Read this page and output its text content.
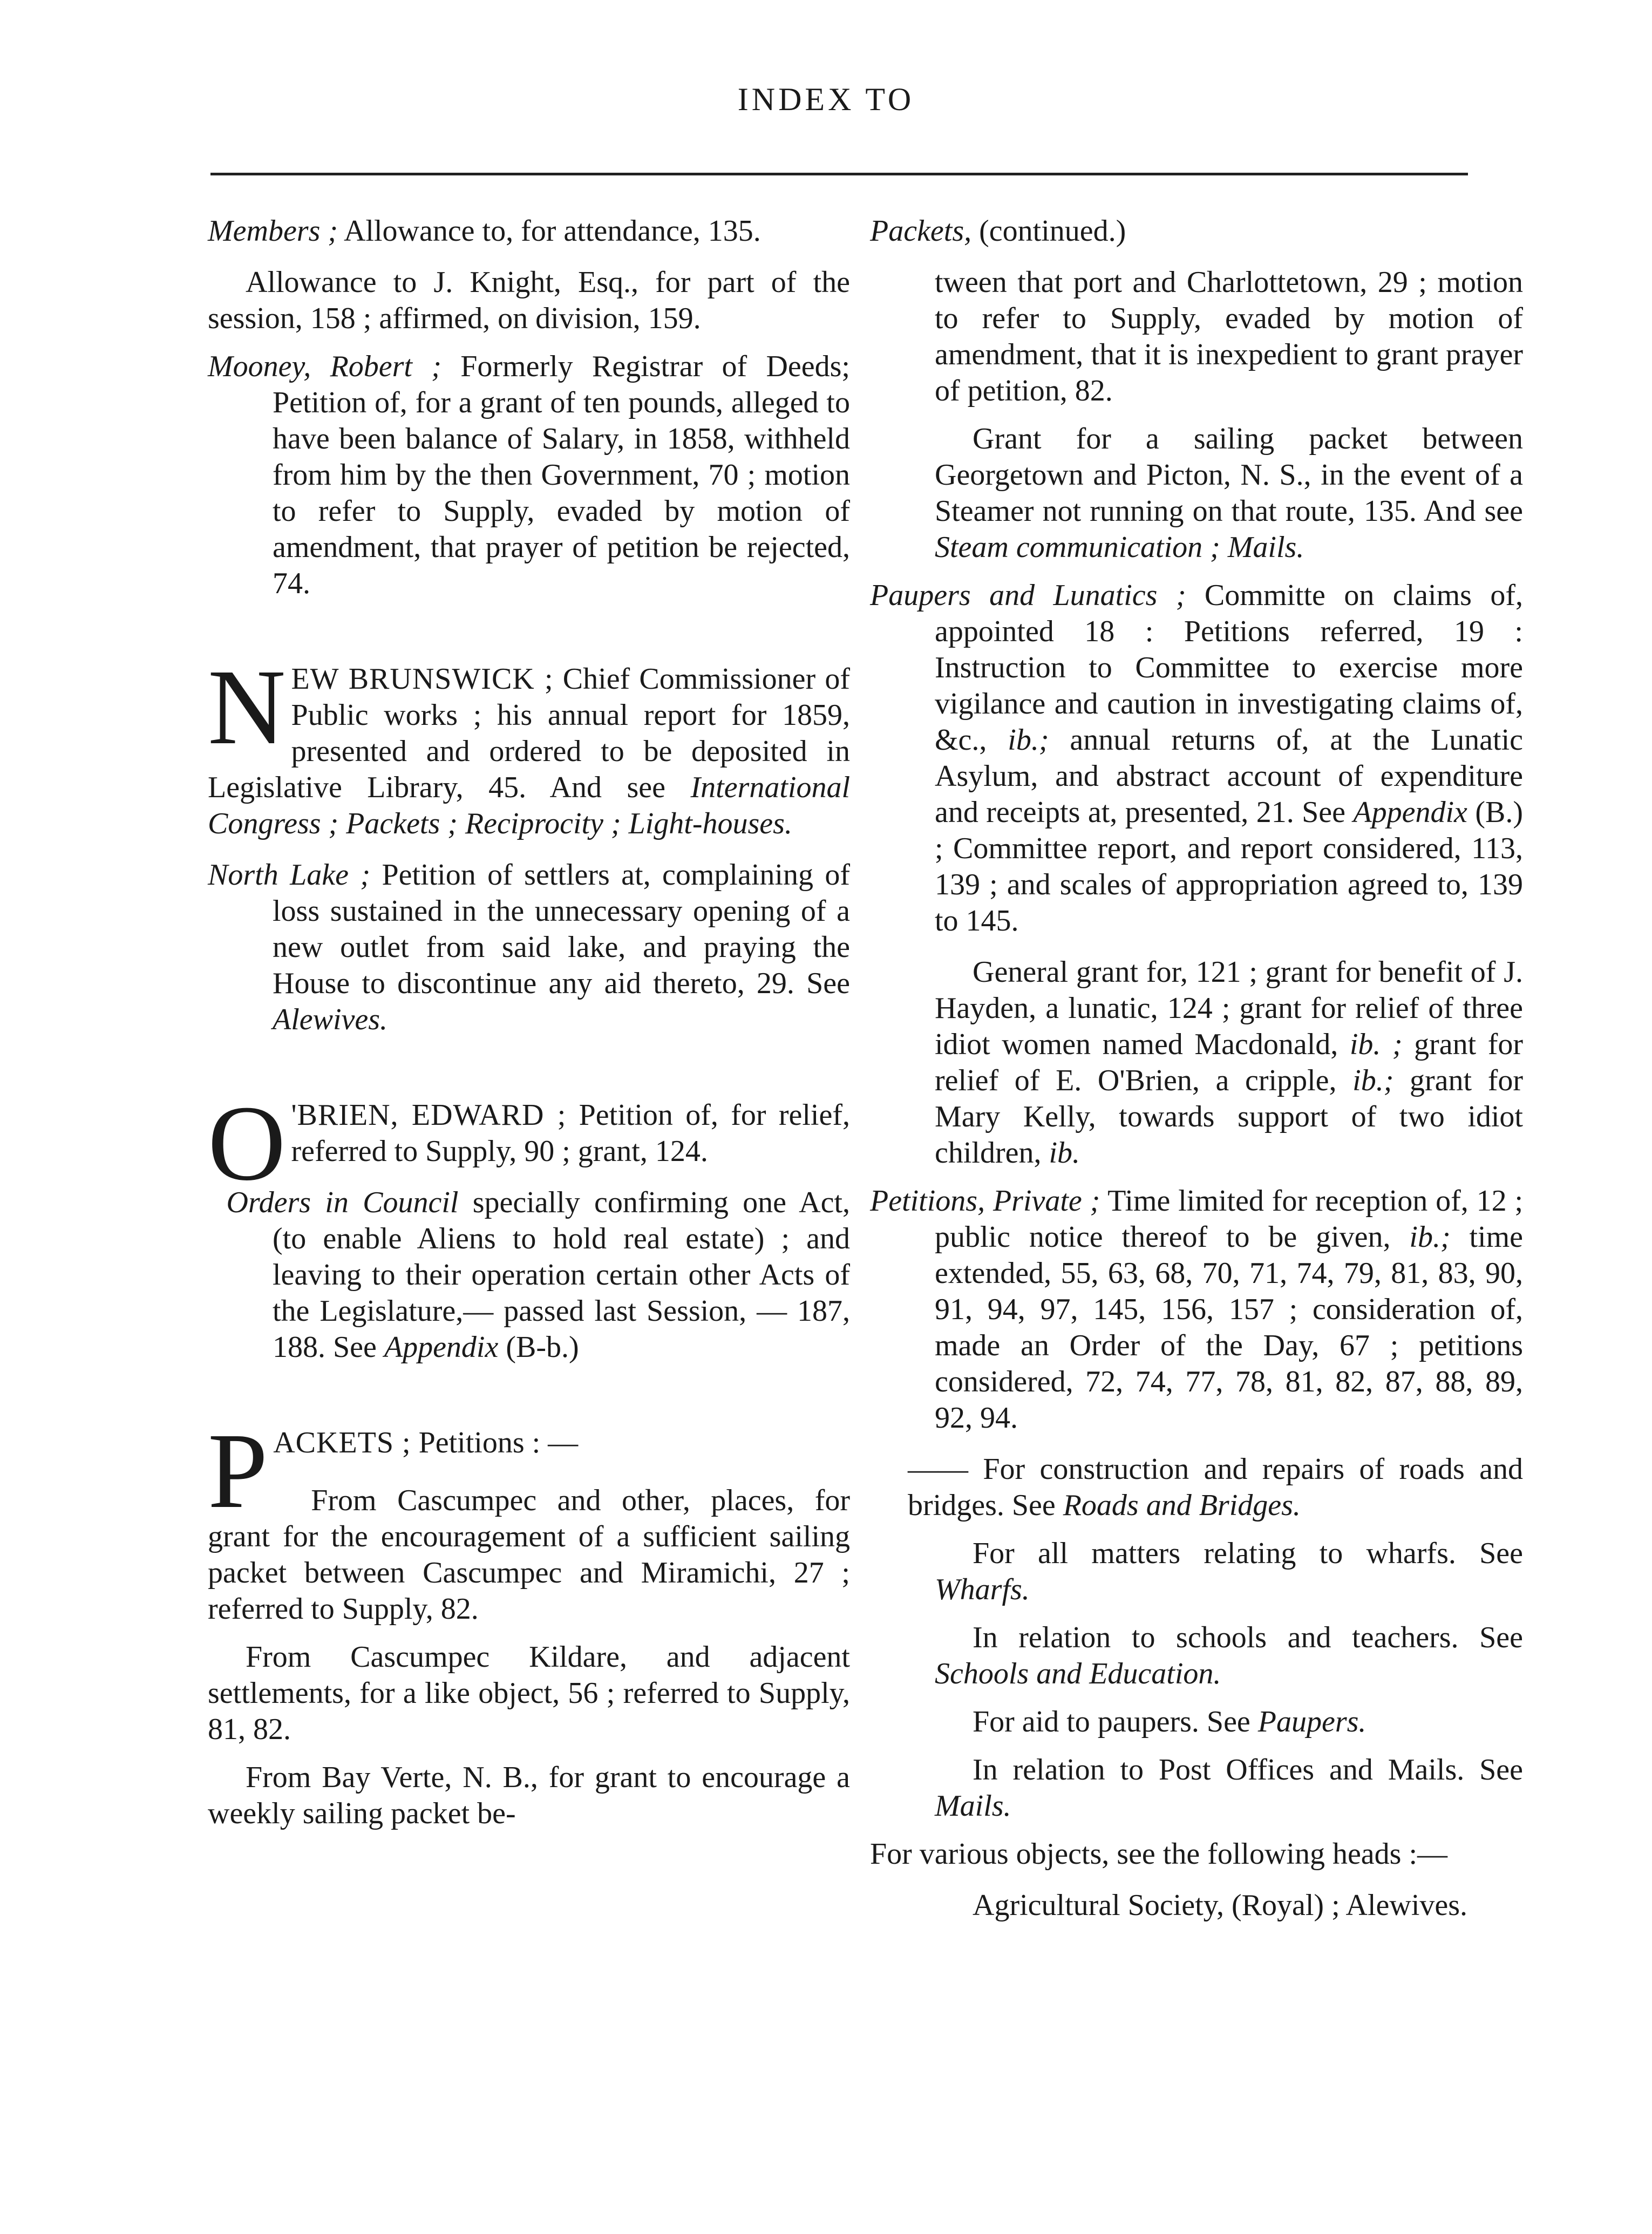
INDEX TO

Members ; Allowance to, for attendance, 135.

Allowance to J. Knight, Esq., for part of the session, 158 ; affirmed, on division, 159.

Mooney, Robert ; Formerly Registrar of Deeds; Petition of, for a grant of ten pounds, alleged to have been balance of Salary, in 1858, withheld from him by the then Government, 70 ; motion to refer to Supply, evaded by motion of amendment, that prayer of petition be rejected, 74.

N EW BRUNSWICK ; Chief Commissioner of Public works ; his annual report for 1859, presented and ordered to be deposited in Legislative Library, 45. And see International Congress ; Packets ; Reciprocity ; Light-houses.

North Lake ; Petition of settlers at, complaining of loss sustained in the unnecessary opening of a new outlet from said lake, and praying the House to discontinue any aid thereto, 29. See Alewives.

O 'BRIEN, EDWARD ; Petition of, for relief, referred to Supply, 90 ; grant, 124.

Orders in Council specially confirming one Act, (to enable Aliens to hold real estate) ; and leaving to their operation certain other Acts of the Legislature,— passed last Session, — 187, 188. See Appendix (B-b.)

P ACKETS ; Petitions : —

From Cascumpec and other, places, for grant for the encouragement of a sufficient sailing packet between Cascumpec and Miramichi, 27 ; referred to Supply, 82.

From Cascumpec Kildare, and adjacent settlements, for a like object, 56 ; referred to Supply, 81, 82.

From Bay Verte, N. B., for grant to encourage a weekly sailing packet be-

Packets, (continued.)

tween that port and Charlottetown, 29 ; motion to refer to Supply, evaded by motion of amendment, that it is inexpedient to grant prayer of petition, 82.

Grant for a sailing packet between Georgetown and Picton, N. S., in the event of a Steamer not running on that route, 135. And see Steam communication ; Mails.

Paupers and Lunatics ; Committe on claims of, appointed 18 : Petitions referred, 19 : Instruction to Committee to exercise more vigilance and caution in investigating claims of, &c., ib.; annual returns of, at the Lunatic Asylum, and abstract account of expenditure and receipts at, presented, 21. See Appendix (B.) ; Committee report, and report considered, 113, 139 ; and scales of appropriation agreed to, 139 to 145.

General grant for, 121 ; grant for benefit of J. Hayden, a lunatic, 124 ; grant for relief of three idiot women named Macdonald, ib. ; grant for relief of E. O'Brien, a cripple, ib.; grant for Mary Kelly, towards support of two idiot children, ib.

Petitions, Private ; Time limited for reception of, 12 ; public notice thereof to be given, ib.; time extended, 55, 63, 68, 70, 71, 74, 79, 81, 83, 90, 91, 94, 97, 145, 156, 157 ; consideration of, made an Order of the Day, 67 ; petitions considered, 72, 74, 77, 78, 81, 82, 87, 88, 89, 92, 94.

—— For construction and repairs of roads and bridges. See Roads and Bridges.

For all matters relating to wharfs. See Wharfs.

In relation to schools and teachers. See Schools and Education.

For aid to paupers. See Paupers.

In relation to Post Offices and Mails. See Mails.

For various objects, see the following heads :—

Agricultural Society, (Royal) ; Alewives.
